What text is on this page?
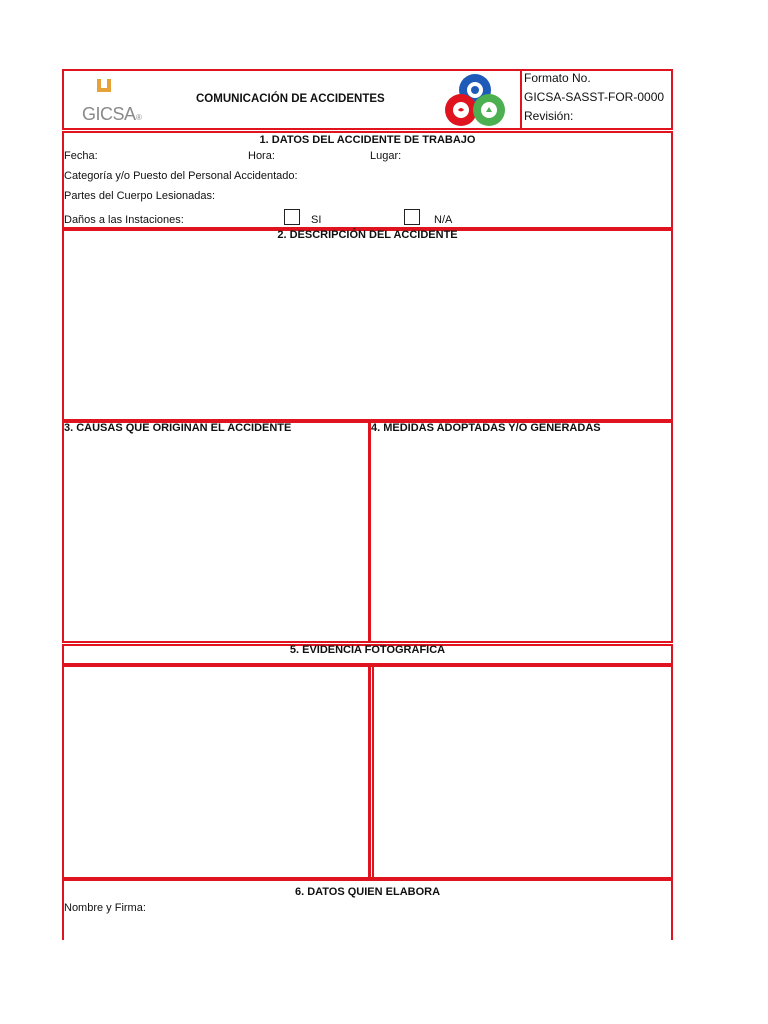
GICSA ®
COMUNICACIÓN DE ACCIDENTES
Formato No.
GICSA-SASST-FOR-0000
Revisión:
1. DATOS DEL ACCIDENTE DE TRABAJO
Fecha:	Hora:	Lugar:
Categoría y/o Puesto del Personal Accidentado:
Partes del Cuerpo Lesionadas:
Daños a las Instaciones:	SI	N/A
2. DESCRIPCIÓN DEL ACCIDENTE
3. CAUSAS QUE ORIGINAN EL ACCIDENTE	4. MEDIDAS ADOPTADAS Y/O GENERADAS
5. EVIDENCIA FOTOGRAFICA
6. DATOS QUIEN ELABORA
Nombre y Firma:
